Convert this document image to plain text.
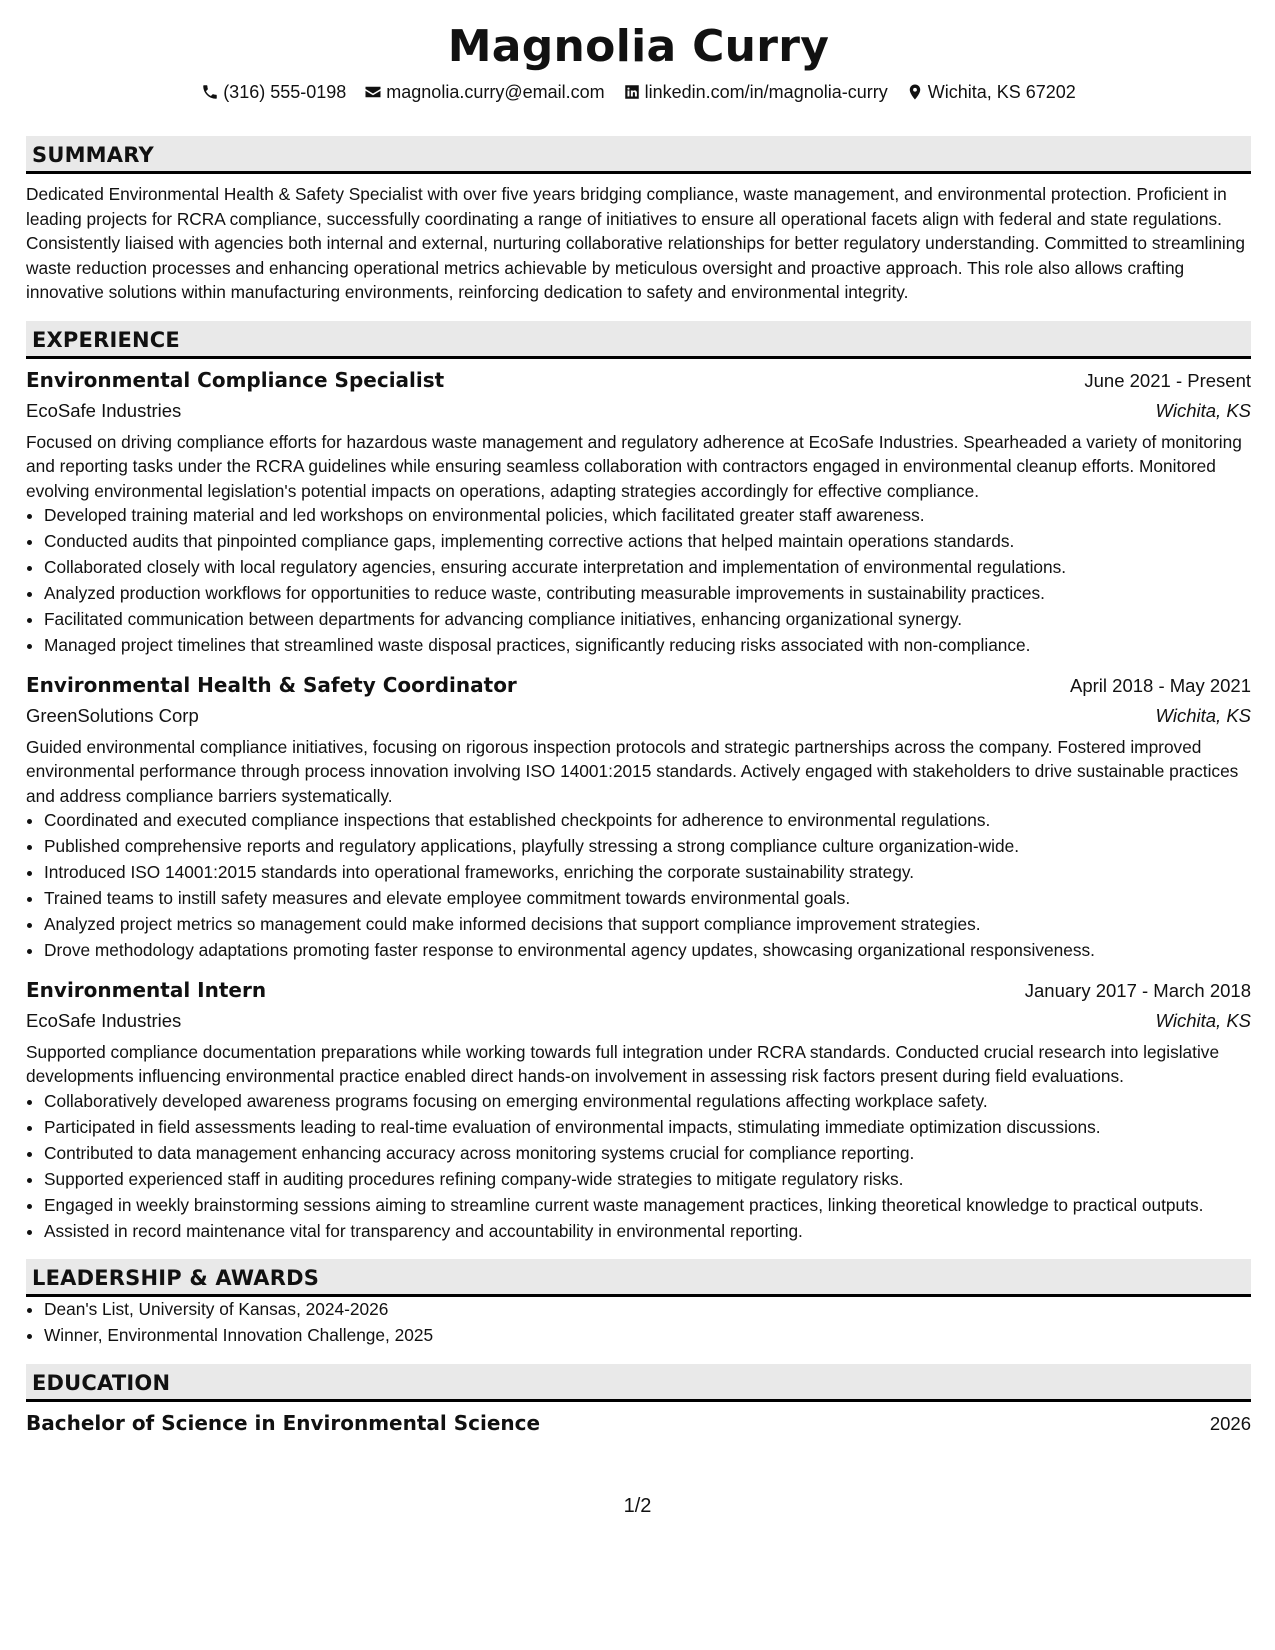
Magnolia Curry
(316) 555-0198 magnolia.curry@email.com linkedin.com/in/magnolia-curry Wichita, KS 67202
SUMMARY

Dedicated Environmental Health & Safety Specialist with over five years bridging compliance, waste management, and environmental protection. Proficient in leading projects for RCRA compliance, successfully coordinating a range of initiatives to ensure all operational facets align with federal and state regulations. Consistently liaised with agencies both internal and external, nurturing collaborative relationships for better regulatory understanding. Committed to streamlining waste reduction processes and enhancing operational metrics achievable by meticulous oversight and proactive approach. This role also allows crafting innovative solutions within manufacturing environments, reinforcing dedication to safety and environmental integrity.

EXPERIENCE
Environmental Compliance Specialist	June 2021 - Present
EcoSafe Industries	Wichita, KS

Focused on driving compliance efforts for hazardous waste management and regulatory adherence at EcoSafe Industries. Spearheaded a variety of monitoring and reporting tasks under the RCRA guidelines while ensuring seamless collaboration with contractors engaged in environmental cleanup efforts. Monitored evolving environmental legislation's potential impacts on operations, adapting strategies accordingly for effective compliance.

• Developed training material and led workshops on environmental policies, which facilitated greater staff awareness.
• Conducted audits that pinpointed compliance gaps, implementing corrective actions that helped maintain operations standards.
• Collaborated closely with local regulatory agencies, ensuring accurate interpretation and implementation of environmental regulations.
• Analyzed production workflows for opportunities to reduce waste, contributing measurable improvements in sustainability practices.
• Facilitated communication between departments for advancing compliance initiatives, enhancing organizational synergy.
• Managed project timelines that streamlined waste disposal practices, significantly reducing risks associated with non-compliance.
Environmental Health & Safety Coordinator	April 2018 - May 2021
GreenSolutions Corp	Wichita, KS

Guided environmental compliance initiatives, focusing on rigorous inspection protocols and strategic partnerships across the company. Fostered improved environmental performance through process innovation involving ISO 14001:2015 standards. Actively engaged with stakeholders to drive sustainable practices and address compliance barriers systematically.

• Coordinated and executed compliance inspections that established checkpoints for adherence to environmental regulations.
• Published comprehensive reports and regulatory applications, playfully stressing a strong compliance culture organization-wide.
• Introduced ISO 14001:2015 standards into operational frameworks, enriching the corporate sustainability strategy.
• Trained teams to instill safety measures and elevate employee commitment towards environmental goals.
• Analyzed project metrics so management could make informed decisions that support compliance improvement strategies.
• Drove methodology adaptations promoting faster response to environmental agency updates, showcasing organizational responsiveness.
Environmental Intern	January 2017 - March 2018
EcoSafe Industries	Wichita, KS

Supported compliance documentation preparations while working towards full integration under RCRA standards. Conducted crucial research into legislative developments influencing environmental practice enabled direct hands-on involvement in assessing risk factors present during field evaluations.

• Collaboratively developed awareness programs focusing on emerging environmental regulations affecting workplace safety.
• Participated in field assessments leading to real-time evaluation of environmental impacts, stimulating immediate optimization discussions.
• Contributed to data management enhancing accuracy across monitoring systems crucial for compliance reporting.
• Supported experienced staff in auditing procedures refining company-wide strategies to mitigate regulatory risks.
• Engaged in weekly brainstorming sessions aiming to streamline current waste management practices, linking theoretical knowledge to practical outputs.
• Assisted in record maintenance vital for transparency and accountability in environmental reporting.
LEADERSHIP & AWARDS
• Dean's List, University of Kansas, 2024-2026
• Winner, Environmental Innovation Challenge, 2025
EDUCATION
Bachelor of Science in Environmental Science	2026
1/2
